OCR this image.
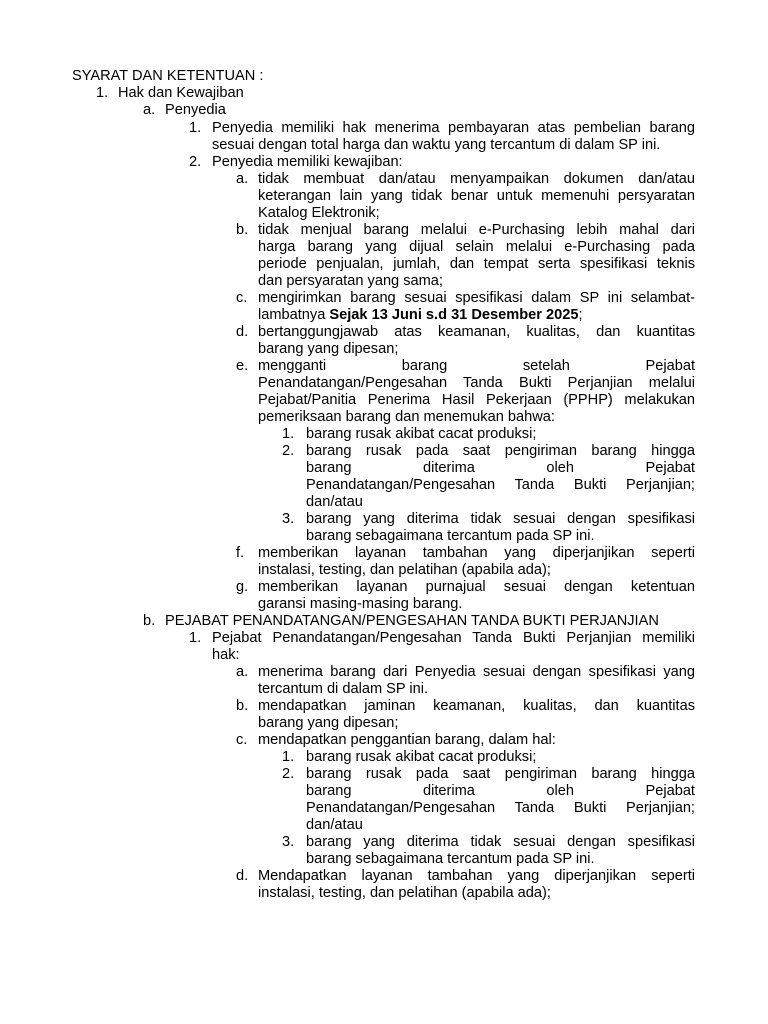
SYARAT DAN KETENTUAN :
1. Hak dan Kewajiban
a. Penyedia
1. Penyedia memiliki hak menerima pembayaran atas pembelian barang
sesuai dengan total harga dan waktu yang tercantum di dalam SP ini.
2. Penyedia memiliki kewajiban:
a. tidak membuat dan/atau menyampaikan dokumen dan/atau
keterangan lain yang tidak benar untuk memenuhi persyaratan
Katalog Elektronik;
b. tidak menjual barang melalui e-Purchasing lebih mahal dari
harga barang yang dijual selain melalui e-Purchasing pada
periode penjualan, jumlah, dan tempat serta spesifikasi teknis
dan persyaratan yang sama;
c. mengirimkan barang sesuai spesifikasi dalam SP ini selambat-
lambatnya Sejak 13 Juni s.d 31 Desember 2025;
d. bertanggungjawab atas keamanan, kualitas, dan kuantitas
barang yang dipesan;
e. mengganti barang setelah Pejabat
Penandatangan/Pengesahan Tanda Bukti Perjanjian melalui
Pejabat/Panitia Penerima Hasil Pekerjaan (PPHP) melakukan
pemeriksaan barang dan menemukan bahwa:
1. barang rusak akibat cacat produksi;
2. barang rusak pada saat pengiriman barang hingga
barang diterima oleh Pejabat
Penandatangan/Pengesahan Tanda Bukti Perjanjian;
dan/atau
3. barang yang diterima tidak sesuai dengan spesifikasi
barang sebagaimana tercantum pada SP ini.
f. memberikan layanan tambahan yang diperjanjikan seperti
instalasi, testing, dan pelatihan (apabila ada);
g. memberikan layanan purnajual sesuai dengan ketentuan
garansi masing-masing barang.
b. PEJABAT PENANDATANGAN/PENGESAHAN TANDA BUKTI PERJANJIAN
1. Pejabat Penandatangan/Pengesahan Tanda Bukti Perjanjian memiliki
hak:
a. menerima barang dari Penyedia sesuai dengan spesifikasi yang
tercantum di dalam SP ini.
b. mendapatkan jaminan keamanan, kualitas, dan kuantitas
barang yang dipesan;
c. mendapatkan penggantian barang, dalam hal:
1. barang rusak akibat cacat produksi;
2. barang rusak pada saat pengiriman barang hingga
barang diterima oleh Pejabat
Penandatangan/Pengesahan Tanda Bukti Perjanjian;
dan/atau
3. barang yang diterima tidak sesuai dengan spesifikasi
barang sebagaimana tercantum pada SP ini.
d. Mendapatkan layanan tambahan yang diperjanjikan seperti
instalasi, testing, dan pelatihan (apabila ada);
